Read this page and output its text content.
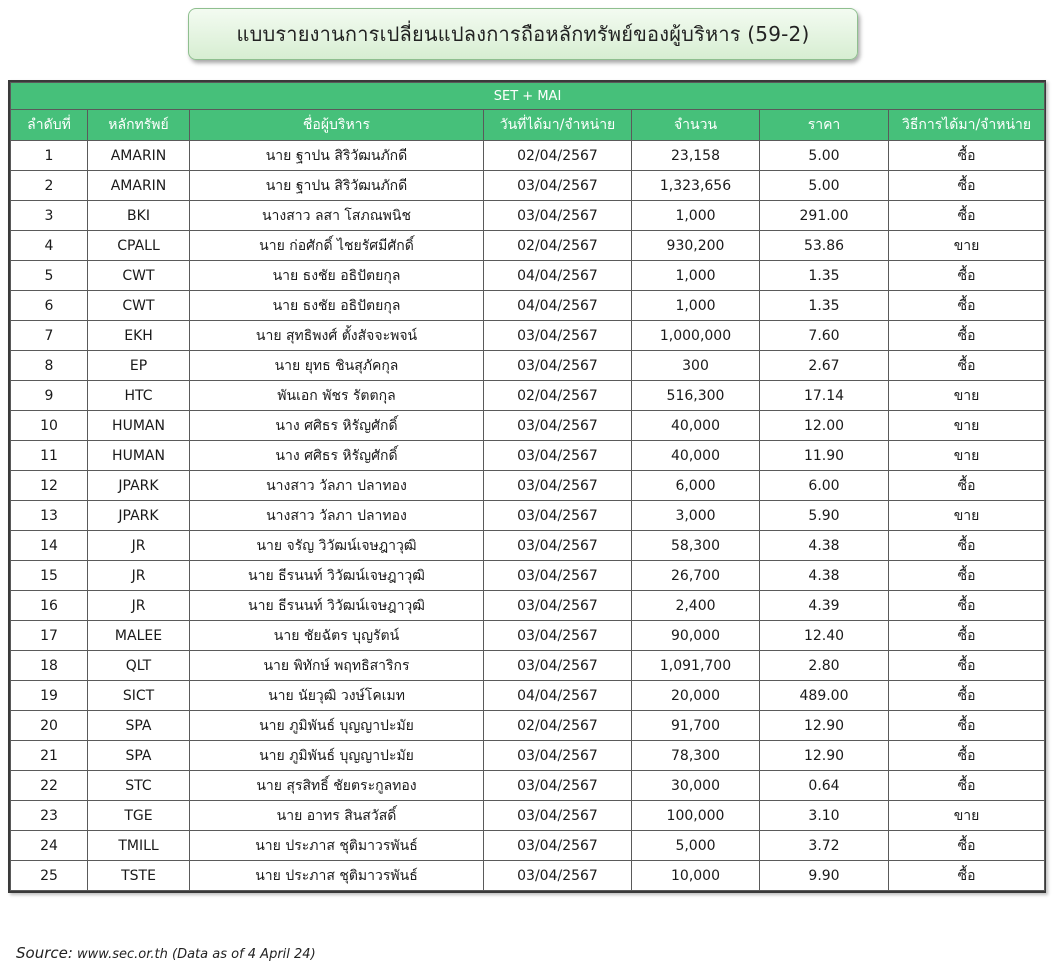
แบบรายงานการเปลี่ยนแปลงการถือหลักทรัพย์ของผู้บริหาร (59-2)
SET + MAI						
ลำดับที่	หลักทรัพย์	ชื่อผู้บริหาร	วันที่ได้มา/จำหน่าย	จำนวน	ราคา	วิธีการได้มา/จำหน่าย
1	AMARIN	นาย ฐาปน สิริวัฒนภักดี	02/04/2567	23,158	5.00	ซื้อ
2	AMARIN	นาย ฐาปน สิริวัฒนภักดี	03/04/2567	1,323,656	5.00	ซื้อ
3	BKI	นางสาว ลสา โสภณพนิช	03/04/2567	1,000	291.00	ซื้อ
4	CPALL	นาย ก่อศักดิ์ ไชยรัศมีศักดิ์	02/04/2567	930,200	53.86	ขาย
5	CWT	นาย ธงชัย อธิปัตยกุล	04/04/2567	1,000	1.35	ซื้อ
6	CWT	นาย ธงชัย อธิปัตยกุล	04/04/2567	1,000	1.35	ซื้อ
7	EKH	นาย สุทธิพงศ์ ตั้งสัจจะพจน์	03/04/2567	1,000,000	7.60	ซื้อ
8	EP	นาย ยุทธ ชินสุภัคกุล	03/04/2567	300	2.67	ซื้อ
9	HTC	พันเอก พัชร รัตตกุล	02/04/2567	516,300	17.14	ขาย
10	HUMAN	นาง ศศิธร หิรัญศักดิ์	03/04/2567	40,000	12.00	ขาย
11	HUMAN	นาง ศศิธร หิรัญศักดิ์	03/04/2567	40,000	11.90	ขาย
12	JPARK	นางสาว วัลภา ปลาทอง	03/04/2567	6,000	6.00	ซื้อ
13	JPARK	นางสาว วัลภา ปลาทอง	03/04/2567	3,000	5.90	ขาย
14	JR	นาย จรัญ วิวัฒน์เจษฎาวุฒิ	03/04/2567	58,300	4.38	ซื้อ
15	JR	นาย ธีรนนท์ วิวัฒน์เจษฎาวุฒิ	03/04/2567	26,700	4.38	ซื้อ
16	JR	นาย ธีรนนท์ วิวัฒน์เจษฎาวุฒิ	03/04/2567	2,400	4.39	ซื้อ
17	MALEE	นาย ชัยฉัตร บุญรัตน์	03/04/2567	90,000	12.40	ซื้อ
18	QLT	นาย พิทักษ์ พฤทธิสาริกร	03/04/2567	1,091,700	2.80	ซื้อ
19	SICT	นาย นัยวุฒิ วงษ์โคเมท	04/04/2567	20,000	489.00	ซื้อ
20	SPA	นาย ภูมิพันธ์ บุญญาปะมัย	02/04/2567	91,700	12.90	ซื้อ
21	SPA	นาย ภูมิพันธ์ บุญญาปะมัย	03/04/2567	78,300	12.90	ซื้อ
22	STC	นาย สุรสิทธิ์ ชัยตระกูลทอง	03/04/2567	30,000	0.64	ซื้อ
23	TGE	นาย อาทร สินสวัสดิ์	03/04/2567	100,000	3.10	ขาย
24	TMILL	นาย ประภาส ชุติมาวรพันธ์	03/04/2567	5,000	3.72	ซื้อ
25	TSTE	นาย ประภาส ชุติมาวรพันธ์	03/04/2567	10,000	9.90	ซื้อ
Source: www.sec.or.th (Data as of 4 April 24)
